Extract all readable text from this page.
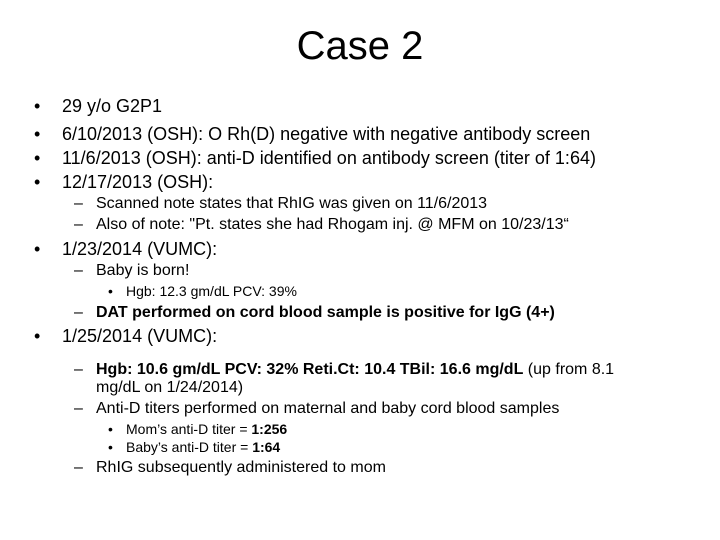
Case 2
• 29 y/o G2P1
• 6/10/2013 (OSH): O Rh(D) negative with negative antibody screen
• 11/6/2013 (OSH): anti-D identified on antibody screen (titer of 1:64)
• 12/17/2013 (OSH):
– Scanned note states that RhIG was given on 11/6/2013
– Also of note: "Pt. states she had Rhogam inj. @ MFM on 10/23/13“
• 1/23/2014 (VUMC):
– Baby is born!
• Hgb: 12.3 gm/dL PCV: 39%
– DAT performed on cord blood sample is positive for IgG (4+)
• 1/25/2014 (VUMC):
– Hgb: 10.6 gm/dL PCV: 32% Reti.Ct: 10.4 TBil: 16.6 mg/dL (up from 8.1
mg/dL on 1/24/2014)
– Anti-D titers performed on maternal and baby cord blood samples
• Mom’s anti-D titer = 1:256
• Baby’s anti-D titer = 1:64
– RhIG subsequently administered to mom
